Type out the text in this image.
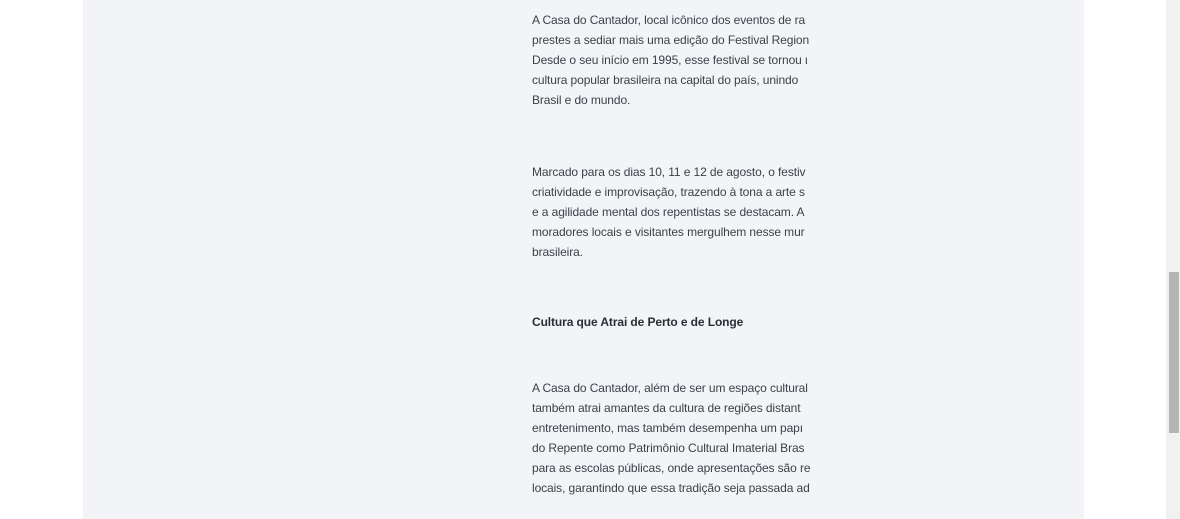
A Casa do Cantador, local icônico dos eventos de ra
prestes a sediar mais uma edição do Festival Region
Desde o seu início em 1995, esse festival se tornou ι
cultura popular brasileira na capital do país, unindo
Brasil e do mundo.
Marcado para os dias 10, 11 e 12 de agosto, o festiv
criatividade e improvisação, trazendo à tona a arte s
e a agilidade mental dos repentistas se destacam. A
moradores locais e visitantes mergulhem nesse mur
brasileira.
Cultura que Atrai de Perto e de Longe
A Casa do Cantador, além de ser um espaço cultural
também atrai amantes da cultura de regiões distant
entretenimento, mas também desempenha um papı
do Repente como Patrimônio Cultural Imaterial Bras
para as escolas públicas, onde apresentações são re
locais, garantindo que essa tradição seja passada ad
